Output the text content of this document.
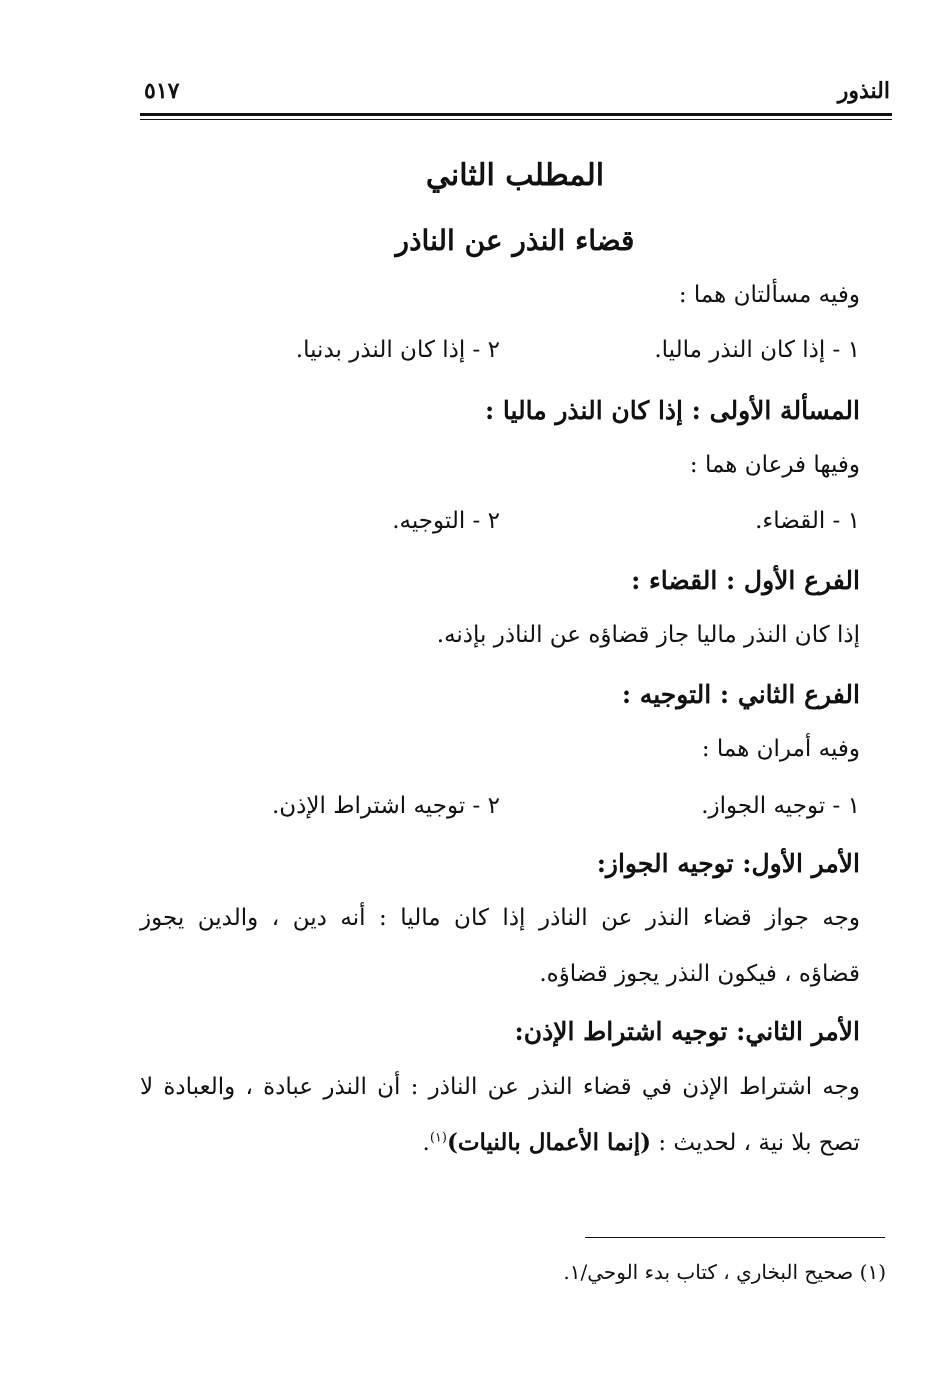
النذور
٥١٧
المطلب الثاني
قضاء النذر عن الناذر
وفيه مسألتان هما :
١ - إذا كان النذر ماليا.
٢ - إذا كان النذر بدنيا.
المسألة الأولى : إذا كان النذر ماليا :
وفيها فرعان هما :
١ - القضاء.
٢ - التوجيه.
الفرع الأول : القضاء :
إذا كان النذر ماليا جاز قضاؤه عن الناذر بإذنه.
الفرع الثاني : التوجيه :
وفيه أمران هما :
١ - توجيه الجواز.
٢ - توجيه اشتراط الإذن.
الأمر الأول: توجيه الجواز:
وجه جواز قضاء النذر عن الناذر إذا كان ماليا : أنه دين ، والدين يجوز
قضاؤه ، فيكون النذر يجوز قضاؤه.
الأمر الثاني: توجيه اشتراط الإذن:
وجه اشتراط الإذن في قضاء النذر عن الناذر : أن النذر عبادة ، والعبادة لا
تصح بلا نية ، لحديث : (إنما الأعمال بالنيات)$^{(١)}$.
(١) صحيح البخاري ، كتاب بدء الوحي/١.
